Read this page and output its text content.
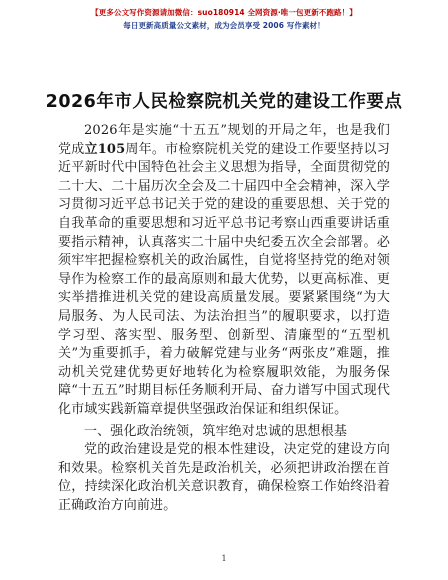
【更多公文写作资源请加微信：suo180914 全网资源·唯一包更新不跑路！】
每日更新高质量公文素材，成为会员享受 2006 写作素材！
2026年市人民检察院机关党的建设工作要点

2026年是实施“十五五”规划的开局之年，也是我们党成立105周年。市检察院机关党的建设工作要坚持以习近平新时代中国特色社会主义思想为指导，全面贯彻党的二十大、二十届历次全会及二十届四中全会精神，深入学习贯彻习近平总书记关于党的建设的重要思想、关于党的自我革命的重要思想和习近平总书记考察山西重要讲话重要指示精神，认真落实二十届中央纪委五次全会部署。必须牢牢把握检察机关的政治属性，自觉将坚持党的绝对领导作为检察工作的最高原则和最大优势，以更高标准、更实举措推进机关党的建设高质量发展。要紧紧围绕“为大局服务、为人民司法、为法治担当”的履职要求，以打造学习型、落实型、服务型、创新型、清廉型的“五型机关”为重要抓手，着力破解党建与业务“两张皮”难题，推动机关党建优势更好地转化为检察履职效能，为服务保障“十五五”时期目标任务顺利开局、奋力谱写中国式现代化市域实践新篇章提供坚强政治保证和组织保证。

一、强化政治统领，筑牢绝对忠诚的思想根基

党的政治建设是党的根本性建设，决定党的建设方向和效果。检察机关首先是政治机关，必须把讲政治摆在首位，持续深化政治机关意识教育，确保检察工作始终沿着正确政治方向前进。

1
